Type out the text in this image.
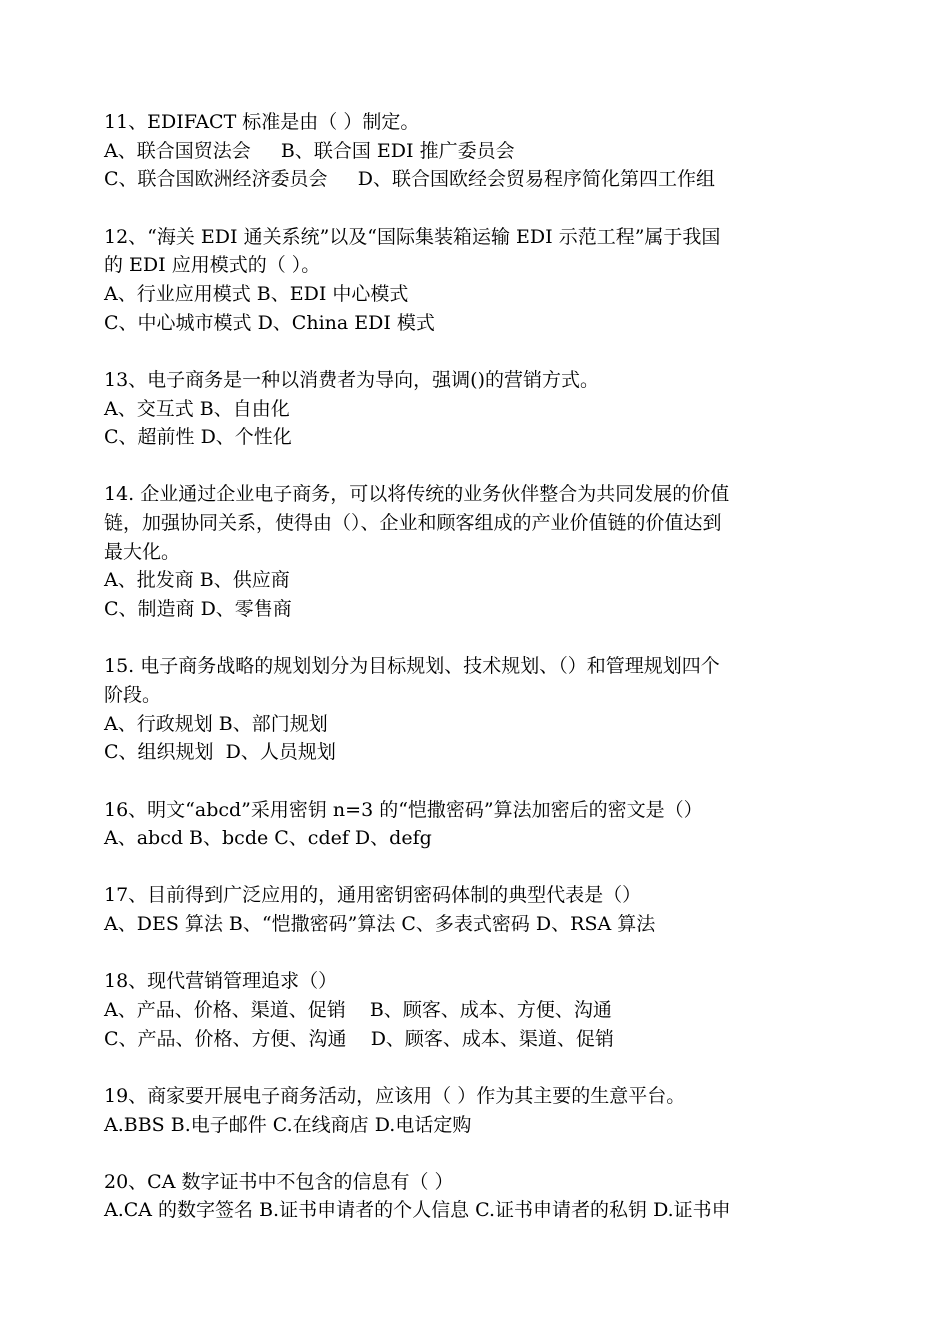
11、EDIFACT 标准是由（ ）制定。
A、联合国贸法会     B、联合国 EDI 推广委员会
C、联合国欧洲经济委员会     D、联合国欧经会贸易程序简化第四工作组
12、“海关 EDI 通关系统”以及“国际集装箱运输 EDI 示范工程”属于我国
的 EDI 应用模式的（ ）。
A、行业应用模式 B、EDI 中心模式
C、中心城市模式 D、China EDI 模式
13、电子商务是一种以消费者为导向，强调()的营销方式。
A、交互式 B、自由化
C、超前性 D、个性化
14. 企业通过企业电子商务，可以将传统的业务伙伴整合为共同发展的价值
链，加强协同关系，使得由（）、企业和顾客组成的产业价值链的价值达到
最大化。
A、批发商 B、供应商
C、制造商 D、零售商
15. 电子商务战略的规划划分为目标规划、技术规划、（）和管理规划四个
阶段。
A、行政规划 B、部门规划
C、组织规划  D、人员规划
16、明文“abcd”采用密钥 n=3 的“恺撒密码”算法加密后的密文是（）
A、abcd B、bcde C、cdef D、defg
17、目前得到广泛应用的，通用密钥密码体制的典型代表是（）
A、DES 算法 B、“恺撒密码”算法 C、多表式密码 D、RSA 算法
18、现代营销管理追求（）
A、产品、价格、渠道、促销    B、顾客、成本、方便、沟通
C、产品、价格、方便、沟通    D、顾客、成本、渠道、促销
19、商家要开展电子商务活动，应该用（ ）作为其主要的生意平台。
A.BBS B.电子邮件 C.在线商店 D.电话定购
20、CA 数字证书中不包含的信息有（ ）
A.CA 的数字签名 B.证书申请者的个人信息 C.证书申请者的私钥 D.证书申
